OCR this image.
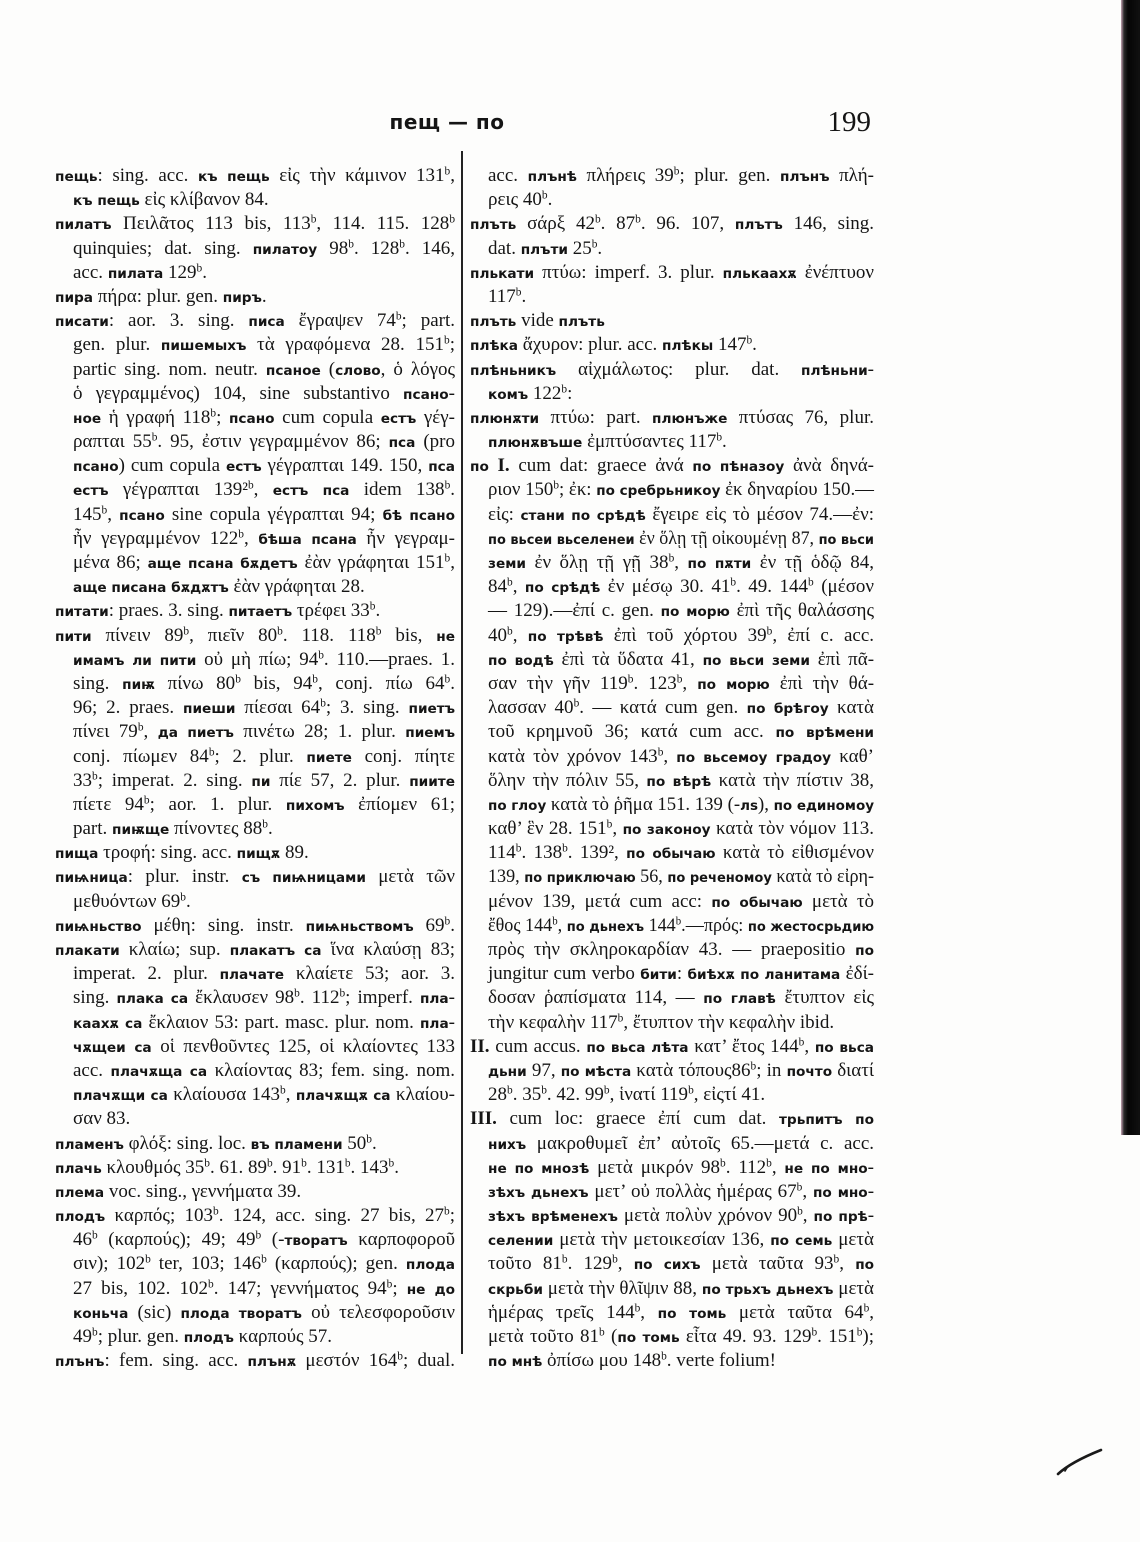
пещ — по	199
пещь: sing. acc. къ пещь εἰς τὴν κάμινον 131$^b$,
къ пещь εἰς κλίβανον 84.
пилатъ Πειλᾶτος 113 bis, 113$^b$, 114. 115. 128$^b$
quinquies; dat. sing. пилатоу 98$^b$. 128$^b$. 146,
acc. пилата 129$^b$.
пира πήρα: plur. gen. пиръ.
писати: aor. 3. sing. писа ἔγραψεν 74$^b$; part.
gen. plur. пишемыхъ τὰ γραφόμενα 28. 151$^b$;
partic sing. nom. neutr. псаное (слово, ὁ λόγος
ὁ γεγραμμένος) 104, sine substantivo псано-
ное ἡ γραφή 118$^b$; псано cum copula естъ γέγ-
ραπται 55$^b$. 95, ἐστιν γεγραμμένον 86; пса (pro
псано) cum copula естъ γέγραπται 149. 150, пса
естъ γέγραπται 139²$^b$, естъ пса idem 138$^b$.
145$^b$, псано sine copula γέγραπται 94; бѣ псано
ἦν γεγραμμένον 122$^b$, бѣша псана ἦν γεγραμ-
μένα 86; аще псана бѫдетъ ἐὰν γράφηται 151$^b$,
аще писана бѫдѫтъ ἐὰν γράφηται 28.
питати: praes. 3. sing. питаетъ τρέφει 33$^b$.
пити πίνειν 89$^b$, πιεῖν 80$^b$. 118. 118$^b$ bis, не
имамъ ли пити οὐ μὴ πίω; 94$^b$. 110.—praes. 1.
sing. пиѭ πίνω 80$^b$ bis, 94$^b$, conj. πίω 64$^b$.
96; 2. praes. пиеши πίεσαι 64$^b$; 3. sing. пиетъ
πίνει 79$^b$, да пиетъ πινέτω 28; 1. plur. пиемъ
conj. πίωμεν 84$^b$; 2. plur. пиете conj. πίητε
33$^b$; imperat. 2. sing. пи πίε 57, 2. plur. пиите
πίετε 94$^b$; aor. 1. plur. пихомъ ἐπίομεν 61;
part. пиѭще πίνοντες 88$^b$.
пища τροφή: sing. acc. пищѫ 89.
пиѩница: plur. instr. съ пиѩницами μετὰ τῶν
μεθυόντων 69$^b$.
пиѩньство μέθη: sing. instr. пиѩньствомъ 69$^b$.
плакати κλαίω; sup. плакатъ са ἵνα κλαύσῃ 83;
imperat. 2. plur. плачате κλαίετε 53; aor. 3.
sing. плака са ἔκλαυσεν 98$^b$. 112$^b$; imperf. пла-
каахѫ са ἔκλαιον 53: part. masc. plur. nom. пла-
чѫщеи са οἱ πενθοῦντες 125, οἱ κλαίοντες 133
acc. плачѫща са κλαίοντας 83; fem. sing. nom.
плачѫщи са κλαίουσα 143$^b$, плачѫщѫ са κλαίου-
σαν 83.
пламенъ φλόξ: sing. loc. въ пламени 50$^b$.
плачь κλουθμός 35$^b$. 61. 89$^b$. 91$^b$. 131$^b$. 143$^b$.
плема voc. sing., γεννήματα 39.
плодъ καρπός; 103$^b$. 124, acc. sing. 27 bis, 27$^b$;
46$^b$ (καρπούς); 49; 49$^b$ (-творатъ καρποφοροῦ
σιν); 102$^b$ ter, 103; 146$^b$ (καρπούς); gen. плода
27 bis, 102. 102$^b$. 147; γεννήματος 94$^b$; не до
коньча (sic) плода творатъ οὐ τελεσφοροῦσιν
49$^b$; plur. gen. плодъ καρπούς 57.
плънъ: fem. sing. acc. плънѫ μεστόν 164$^b$; dual.
acc. плънѣ πλήρεις 39$^b$; plur. gen. плънъ πλή-
ρεις 40$^b$.
плъть σάρξ 42$^b$. 87$^b$. 96. 107, плътъ 146, sing.
dat. плъти 25$^b$.
плькати πτύω: imperf. 3. plur. плькаахѫ ἐνέπτυον
117$^b$.
плъть vide плъть
плѣка ἄχυρον: plur. acc. плѣкы 147$^b$.
плѣньникъ αἰχμάλωτος: plur. dat. плѣньни-
комъ 122$^b$:
плюнѫти πτύω: part. плюнъже πτύσας 76, plur.
плюнѫвъше ἐμπτύσαντες 117$^b$.
по I. cum dat: graece ἀνά по пѣназоу ἀνὰ δηνά-
ριον 150$^b$; ἐκ: по сребрьникоу ἐκ δηναρίου 150.—
εἰς: стани по срѣдѣ ἔγειρε εἰς τὸ μέσον 74.—ἐν:
по вьсеи вьселенеи ἐν ὅλῃ τῇ οἰκουμένῃ 87, по вьси
земи ἐν ὅλῃ τῇ γῇ 38$^b$, по пѫти ἐν τῇ ὁδῷ 84,
84$^b$, по срѣдѣ ἐν μέσῳ 30. 41$^b$. 49. 144$^b$ (μέσον
— 129).—ἐπί c. gen. по морю ἐπὶ τῆς θαλάσσης
40$^b$, по трѣвѣ ἐπὶ τοῦ χόρτου 39$^b$, ἐπί c. acc.
по водѣ ἐπὶ τὰ ὕδατα 41, по вьси земи ἐπὶ πᾶ-
σαν τὴν γῆν 119$^b$. 123$^b$, по морю ἐπὶ τὴν θά-
λασσαν 40$^b$. — κατά cum gen. по брѣгоу κατὰ
τοῦ κρημνοῦ 36; κατά cum acc. по врѣмени
κατὰ τὸν χρόνον 143$^b$, по вьсемоу градоу καθ’
ὅλην τὴν πόλιν 55, по вѣрѣ κατὰ τὴν πίστιν 38,
по глоу κατὰ τὸ ῥῆμα 151. 139 (-лѕ), по единомоу
καθ’ ἓν 28. 151$^b$, по законоу κατὰ τὸν νόμον 113.
114$^b$. 138$^b$. 139², по обычаю κατὰ τὸ εἰθισμένον
139, по приключаю 56, по реченомоу κατὰ τὸ εἰρη-
μένον 139, μετά cum acc: по обычаю μετὰ τὸ
ἔθος 144$^b$, по дьнехъ 144$^b$.—πρός: по жестосрьдию
πρὸς τὴν σκληροκαρδίαν 43. — praepositio по
jungitur cum verbo бити: биѣхѫ по ланитама ἐδί-
δοσαν ῥαπίσματα 114, — по главѣ ἔτυπτον εἰς
τὴν κεφαλὴν 117$^b$, ἔτυπτον τὴν κεφαλὴν ibid.
II. cum accus. по вьса лѣта κατ’ ἔτος 144$^b$, по вьса
дьни 97, по мѣста κατὰ τόπους86$^b$; in почто διατί
28$^b$. 35$^b$. 42. 99$^b$, ἱνατί 119$^b$, εἰςτί 41.
III. cum loc: graece ἐπί cum dat. трьпитъ по
нихъ μακροθυμεῖ ἐπ’ αὐτοῖς 65.—μετά c. acc.
не по мнозѣ μετὰ μικρόν 98$^b$. 112$^b$, не по мно-
зѣхъ дьнехъ μετ’ οὐ πολλὰς ἡμέρας 67$^b$, по мно-
зѣхъ врѣменехъ μετὰ πολὺν χρόνον 90$^b$, по прѣ-
селении μετὰ τὴν μετοικεσίαν 136, по семь μετὰ
τοῦτο 81$^b$. 129$^b$, по сихъ μετὰ ταῦτα 93$^b$, по
скрьби μετὰ τὴν θλῖψιν 88, по трьхъ дьнехъ μετὰ
ἡμέρας τρεῖς 144$^b$, по томь μετὰ ταῦτα 64$^b$,
μετὰ τοῦτο 81$^b$ (по томь εἶτα 49. 93. 129$^b$. 151$^b$);
по мнѣ ὀπίσω μου 148$^b$. verte folium!
